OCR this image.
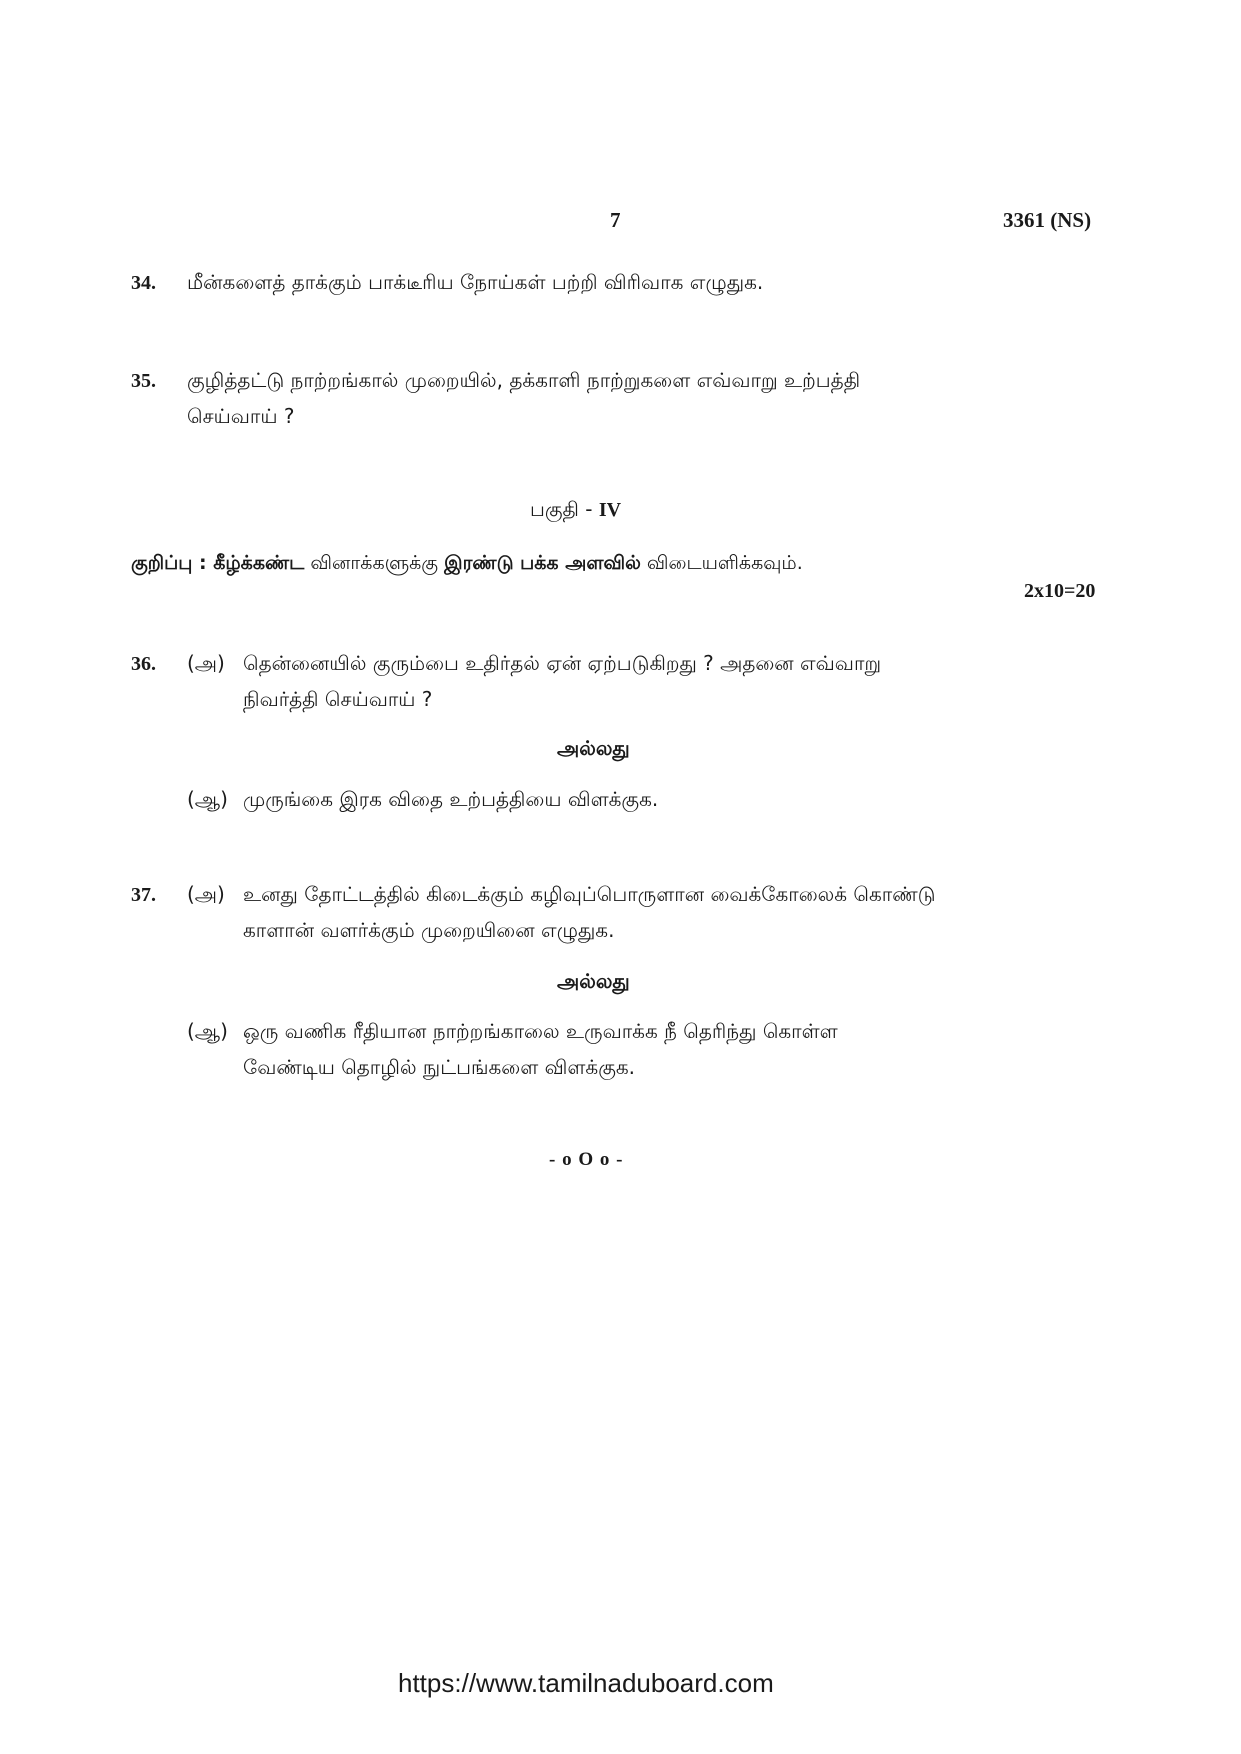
7	3361 (NS)
34. மீன்களைத் தாக்கும் பாக்டீரிய நோய்கள் பற்றி விரிவாக எழுதுக.
35. குழித்தட்டு நாற்றங்கால் முறையில், தக்காளி நாற்றுகளை எவ்வாறு உற்பத்தி
செய்வாய் ?
பகுதி - IV
குறிப்பு : கீழ்க்கண்ட வினாக்களுக்கு இரண்டு பக்க அளவில் விடையளிக்கவும்.
2x10=20
36. (அ) தென்னையில் குரும்பை உதிர்தல் ஏன் ஏற்படுகிறது ? அதனை எவ்வாறு
நிவர்த்தி செய்வாய் ?
அல்லது
(ஆ) முருங்கை இரக விதை உற்பத்தியை விளக்குக.
37. (அ) உனது தோட்டத்தில் கிடைக்கும் கழிவுப்பொருளான வைக்கோலைக் கொண்டு
காளான் வளர்க்கும் முறையினை எழுதுக.
அல்லது
(ஆ) ஒரு வணிக ரீதியான நாற்றங்காலை உருவாக்க நீ தெரிந்து கொள்ள
வேண்டிய தொழில் நுட்பங்களை விளக்குக.
- o O o -
https://www.tamilnaduboard.com
